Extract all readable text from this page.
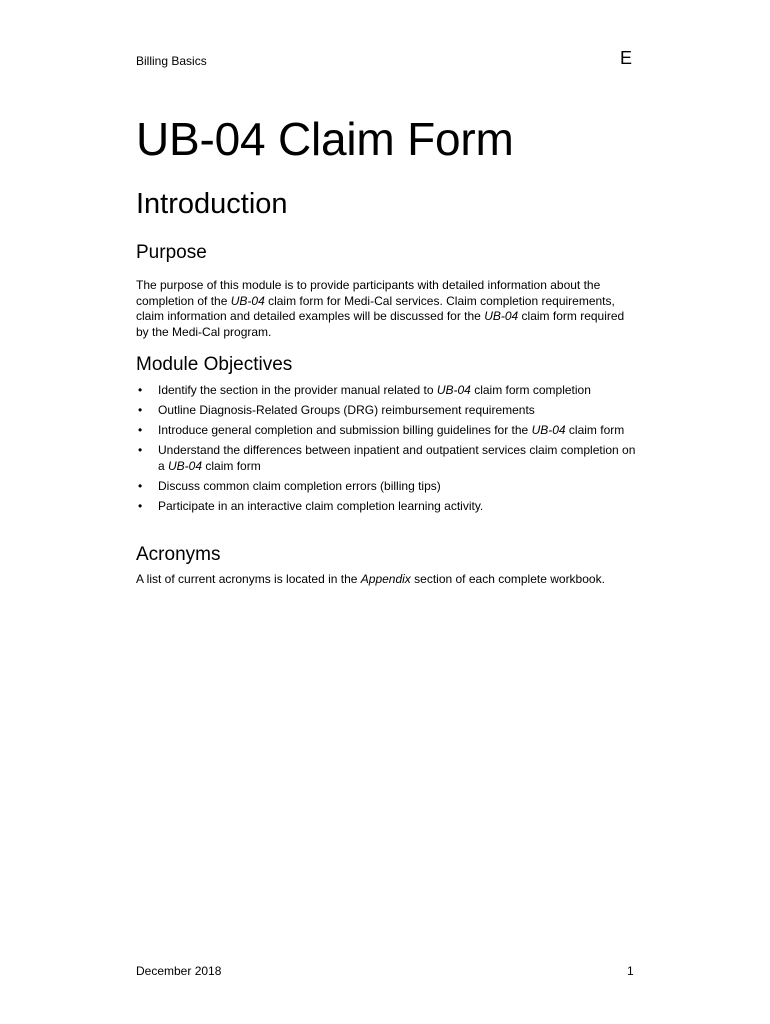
Billing Basics	E
UB-04 Claim Form
Introduction
Purpose

The purpose of this module is to provide participants with detailed information about the completion of the UB-04 claim form for Medi-Cal services. Claim completion requirements, claim information and detailed examples will be discussed for the UB-04 claim form required by the Medi-Cal program.

Module Objectives
• Identify the section in the provider manual related to UB-04 claim form completion
• Outline Diagnosis-Related Groups (DRG) reimbursement requirements
• Introduce general completion and submission billing guidelines for the UB-04 claim form
• Understand the differences between inpatient and outpatient services claim completion on a UB-04 claim form
• Discuss common claim completion errors (billing tips)
• Participate in an interactive claim completion learning activity.
Acronyms

A list of current acronyms is located in the Appendix section of each complete workbook.

December 2018	1
